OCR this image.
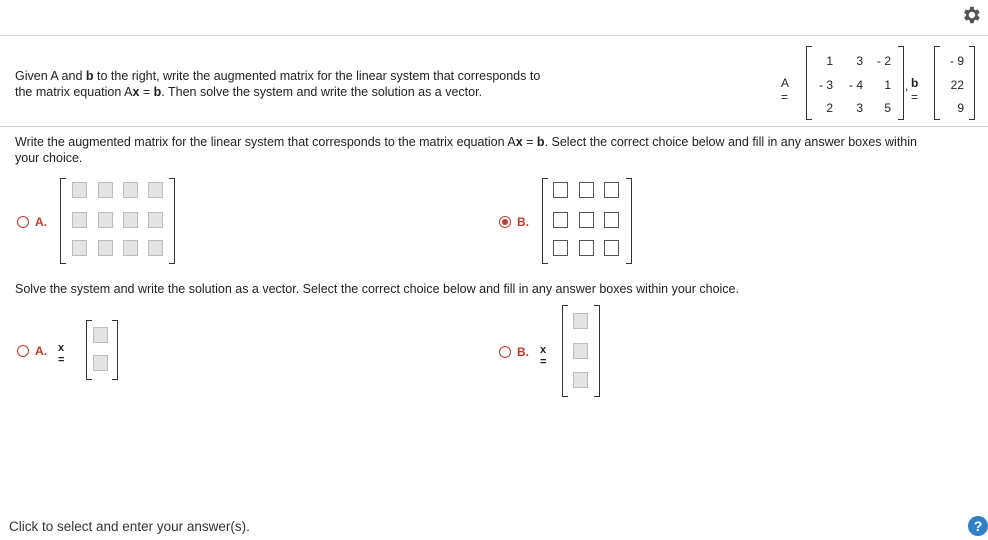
Given A and b to the right, write the augmented matrix for the linear system that corresponds to
the matrix equation Ax = b. Then solve the system and write the solution as a vector.
A =
1	3	- 2
- 3	- 4	1
2	3	5
, b =
- 9
22
9
Write the augmented matrix for the linear system that corresponds to the matrix equation Ax = b. Select the correct choice below and fill in any answer boxes within
your choice.
A.	B.
Solve the system and write the solution as a vector. Select the correct choice below and fill in any answer boxes within your choice.
A. x =
B. x =
Click to select and enter your answer(s).	?
